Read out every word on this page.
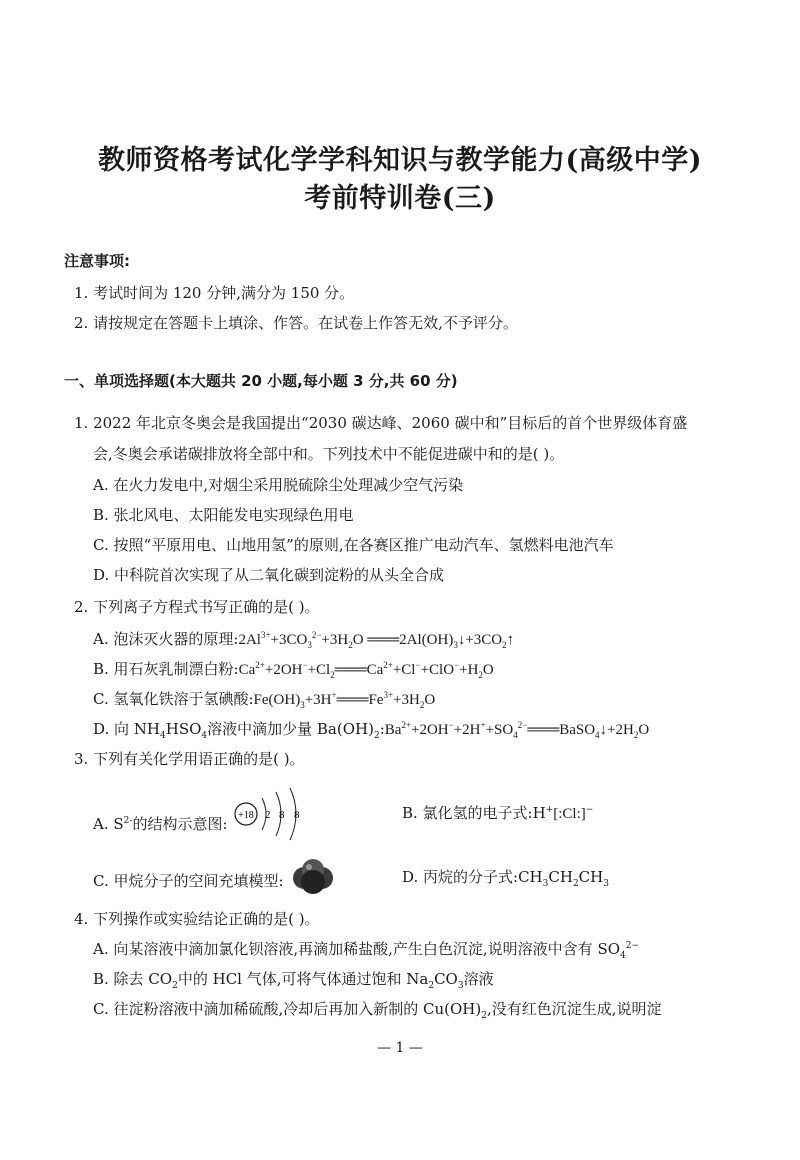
教师资格考试化学学科知识与教学能力(高级中学)
考前特训卷(三)
注意事项:
1. 考试时间为 120 分钟,满分为 150 分。
2. 请按规定在答题卡上填涂、作答。在试卷上作答无效,不予评分。
一、单项选择题(本大题共 20 小题,每小题 3 分,共 60 分)
1. 2022 年北京冬奥会是我国提出“2030 碳达峰、2060 碳中和”目标后的首个世界级体育盛
会,冬奥会承诺碳排放将全部中和。下列技术中不能促进碳中和的是( )。
A. 在火力发电中,对烟尘采用脱硫除尘处理减少空气污染
B. 张北风电、太阳能发电实现绿色用电
C. 按照“平原用电、山地用氢”的原则,在各赛区推广电动汽车、氢燃料电池汽车
D. 中科院首次实现了从二氧化碳到淀粉的从头全合成
2. 下列离子方程式书写正确的是( )。
A. 泡沫灭火器的原理$:2Al^{3+}+3CO_3^{2-}+3H_2O$ $═══2Al(OH)_3↓+3CO_2↑$
B. 用石灰乳制漂白粉$:Ca^{2+}+2OH^-+Cl_2═══Ca^{2+}+Cl^-+ClO^-+H_2O$
C. 氢氧化铁溶于氢碘酸$:Fe(OH)_3+3H^+═══Fe^{3+}+3H_2O$
D. 向 $NH_4HSO_4$溶液中滴加少量 $Ba(OH)_2:Ba^{2+}+2OH^-+2H^++SO_4^{2-}═══BaSO_4↓+2H_2O$
3. 下列有关化学用语正确的是( )。
A. $S^{2-}$的结构示意图: +18 2 8 8	B. 氯化氢的电子式:H+[:Cl:]−
C. 甲烷分子的空间充填模型:	D. 丙烷的分子式$:CH_3CH_2CH_3$
4. 下列操作或实验结论正确的是( )。
A. 向某溶液中滴加氯化钡溶液,再滴加稀盐酸,产生白色沉淀,说明溶液中含有 $SO_4^{2-}$
B. 除去 $CO_2$中的 HCl 气体,可将气体通过饱和 $Na_2CO_3$溶液
C. 往淀粉溶液中滴加稀硫酸,冷却后再加入新制的 $Cu(OH)_2$,没有红色沉淀生成,说明淀
— 1 —
